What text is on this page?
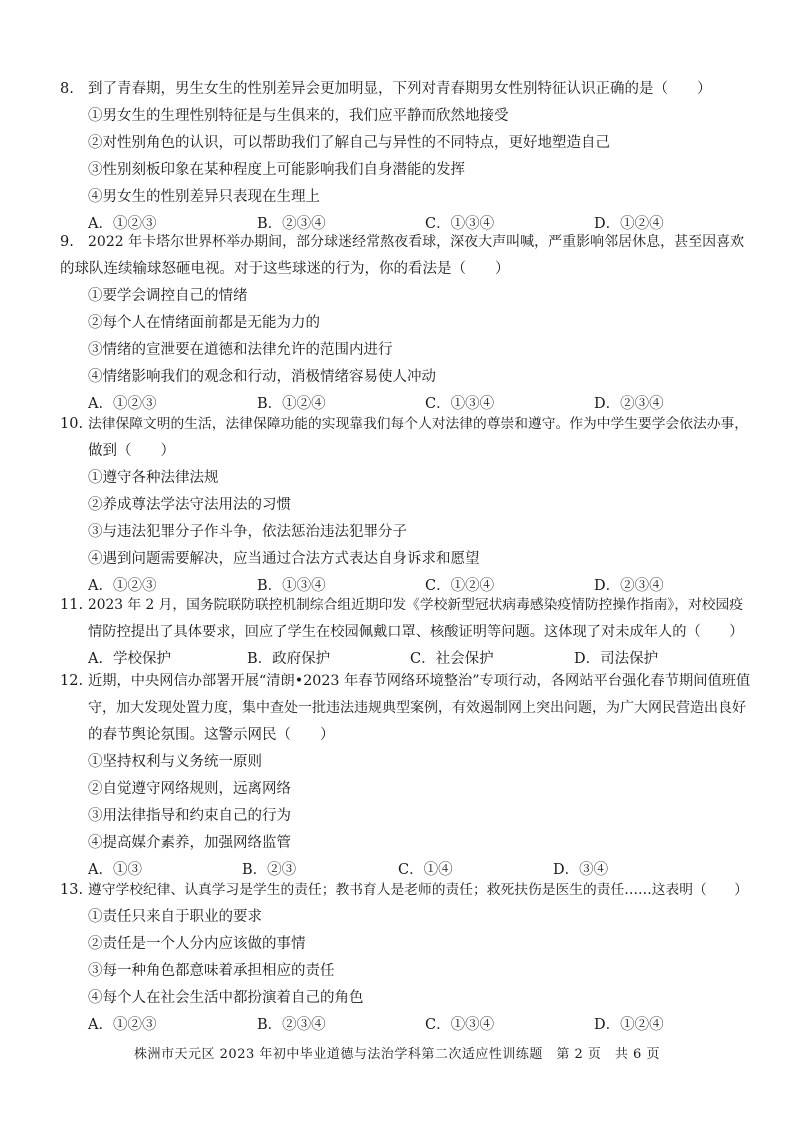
8. 到了青春期，男生女生的性别差异会更加明显，下列对青春期男女性别特征认识正确的是（　　）
①男女生的生理性别特征是与生俱来的，我们应平静而欣然地接受
②对性别角色的认识，可以帮助我们了解自己与异性的不同特点，更好地塑造自己
③性别刻板印象在某种程度上可能影响我们自身潜能的发挥
④男女生的性别差异只表现在生理上
A．①②③	B．②③④	C．①③④	D．①②④
9. 2022 年卡塔尔世界杯举办期间，部分球迷经常熬夜看球，深夜大声叫喊，严重影响邻居休息，甚至因喜欢
的球队连续输球怒砸电视。对于这些球迷的行为，你的看法是（　　）
①要学会调控自己的情绪
②每个人在情绪面前都是无能为力的
③情绪的宣泄要在道德和法律允许的范围内进行
④情绪影响我们的观念和行动，消极情绪容易使人冲动
A．①②③	B．①②④	C．①③④	D．②③④
10. 法律保障文明的生活，法律保障功能的实现靠我们每个人对法律的尊崇和遵守。作为中学生要学会依法办事，
做到（　　）
①遵守各种法律法规
②养成尊法学法守法用法的习惯
③与违法犯罪分子作斗争，依法惩治违法犯罪分子
④遇到问题需要解决，应当通过合法方式表达自身诉求和愿望
A．①②③	B．①③④	C．①②④	D．②③④
11. 2023 年 2 月，国务院联防联控机制综合组近期印发《学校新型冠状病毒感染疫情防控操作指南》，对校园疫
情防控提出了具体要求，回应了学生在校园佩戴口罩、核酸证明等问题。这体现了对未成年人的（　　）
A．学校保护	B．政府保护	C．社会保护	D．司法保护
12. 近期，中央网信办部署开展“清朗•2023 年春节网络环境整治”专项行动，各网站平台强化春节期间值班值
守，加大发现处置力度，集中查处一批违法违规典型案例，有效遏制网上突出问题，为广大网民营造出良好
的春节舆论氛围。这警示网民（　　）
①坚持权利与义务统一原则
②自觉遵守网络规则，远离网络
③用法律指导和约束自己的行为
④提高媒介素养，加强网络监管
A．①③	B．②③	C．①④	D．③④
13. 遵守学校纪律、认真学习是学生的责任；教书育人是老师的责任；救死扶伤是医生的责任……这表明（　　）
①责任只来自于职业的要求
②责任是一个人分内应该做的事情
③每一种角色都意味着承担相应的责任
④每个人在社会生活中都扮演着自己的角色
A．①②③	B．②③④	C．①③④	D．①②④
株洲市天元区 2023 年初中毕业道德与法治学科第二次适应性训练题　第 2 页　共 6 页
